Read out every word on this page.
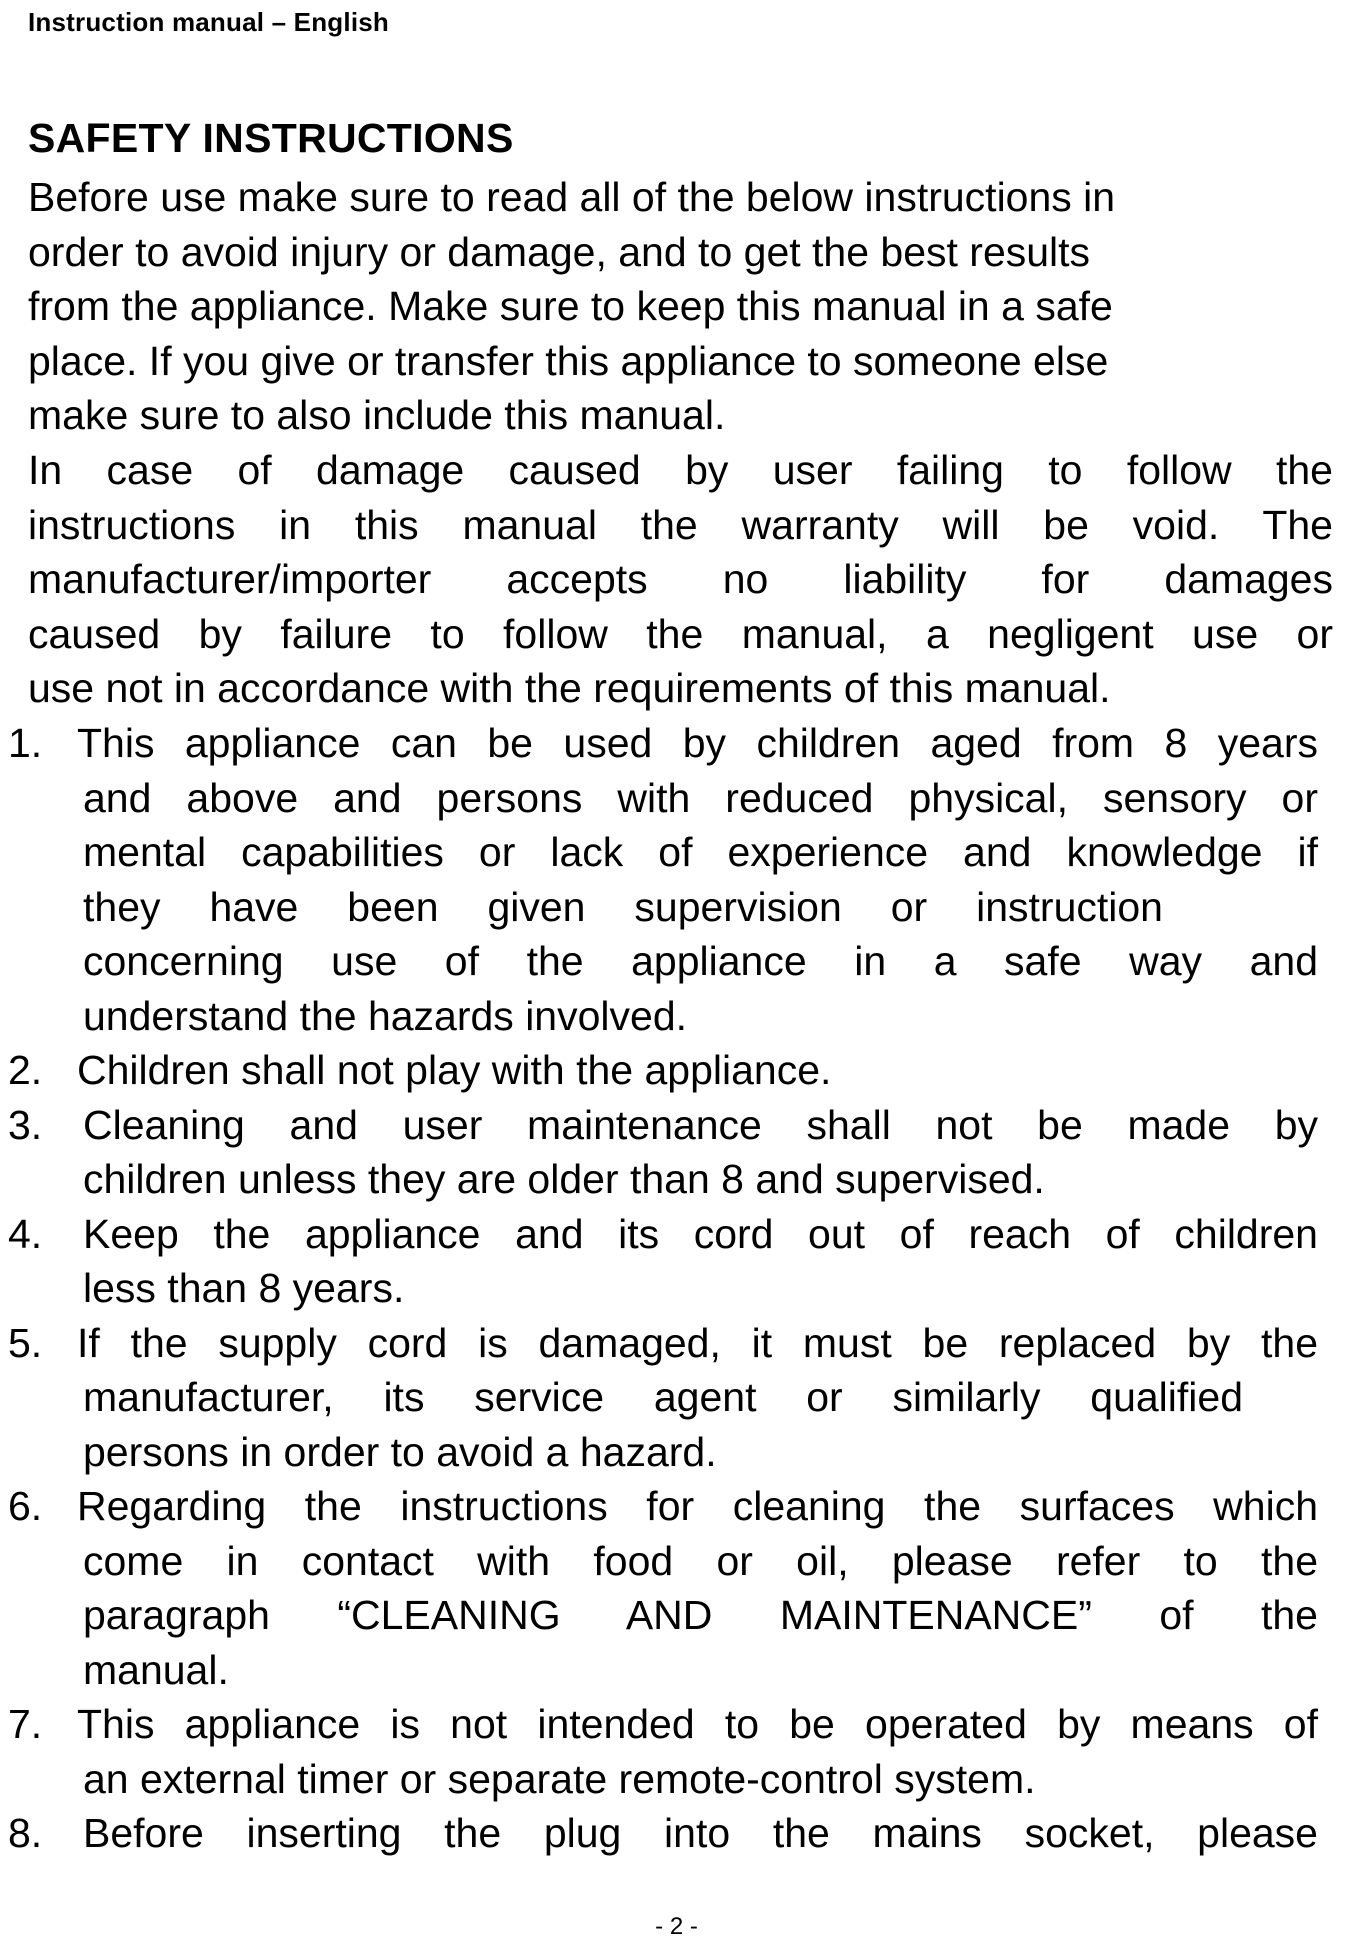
Instruction manual – English
SAFETY INSTRUCTIONS
Before use make sure to read all of the below instructions in
order to avoid injury or damage, and to get the best results
from the appliance. Make sure to keep this manual in a safe
place. If you give or transfer this appliance to someone else
make sure to also include this manual.
In case of damage caused by user failing to follow the
instructions in this manual the warranty will be void. The
manufacturer/importer accepts no liability for damages
caused by failure to follow the manual, a negligent use or
use not in accordance with the requirements of this manual.
1. This appliance can be used by children aged from 8 years
and above and persons with reduced physical, sensory or
mental capabilities or lack of experience and knowledge if
they have been given supervision or instruction
concerning use of the appliance in a safe way and
understand the hazards involved.
2. Children shall not play with the appliance.
3. Cleaning and user maintenance shall not be made by
children unless they are older than 8 and supervised.
4. Keep the appliance and its cord out of reach of children
less than 8 years.
5. If the supply cord is damaged, it must be replaced by the
manufacturer, its service agent or similarly qualified
persons in order to avoid a hazard.
6. Regarding the instructions for cleaning the surfaces which
come in contact with food or oil, please refer to the
paragraph “CLEANING AND MAINTENANCE” of the
manual.
7. This appliance is not intended to be operated by means of
an external timer or separate remote-control system.
8. Before inserting the plug into the mains socket, please
- 2 -
